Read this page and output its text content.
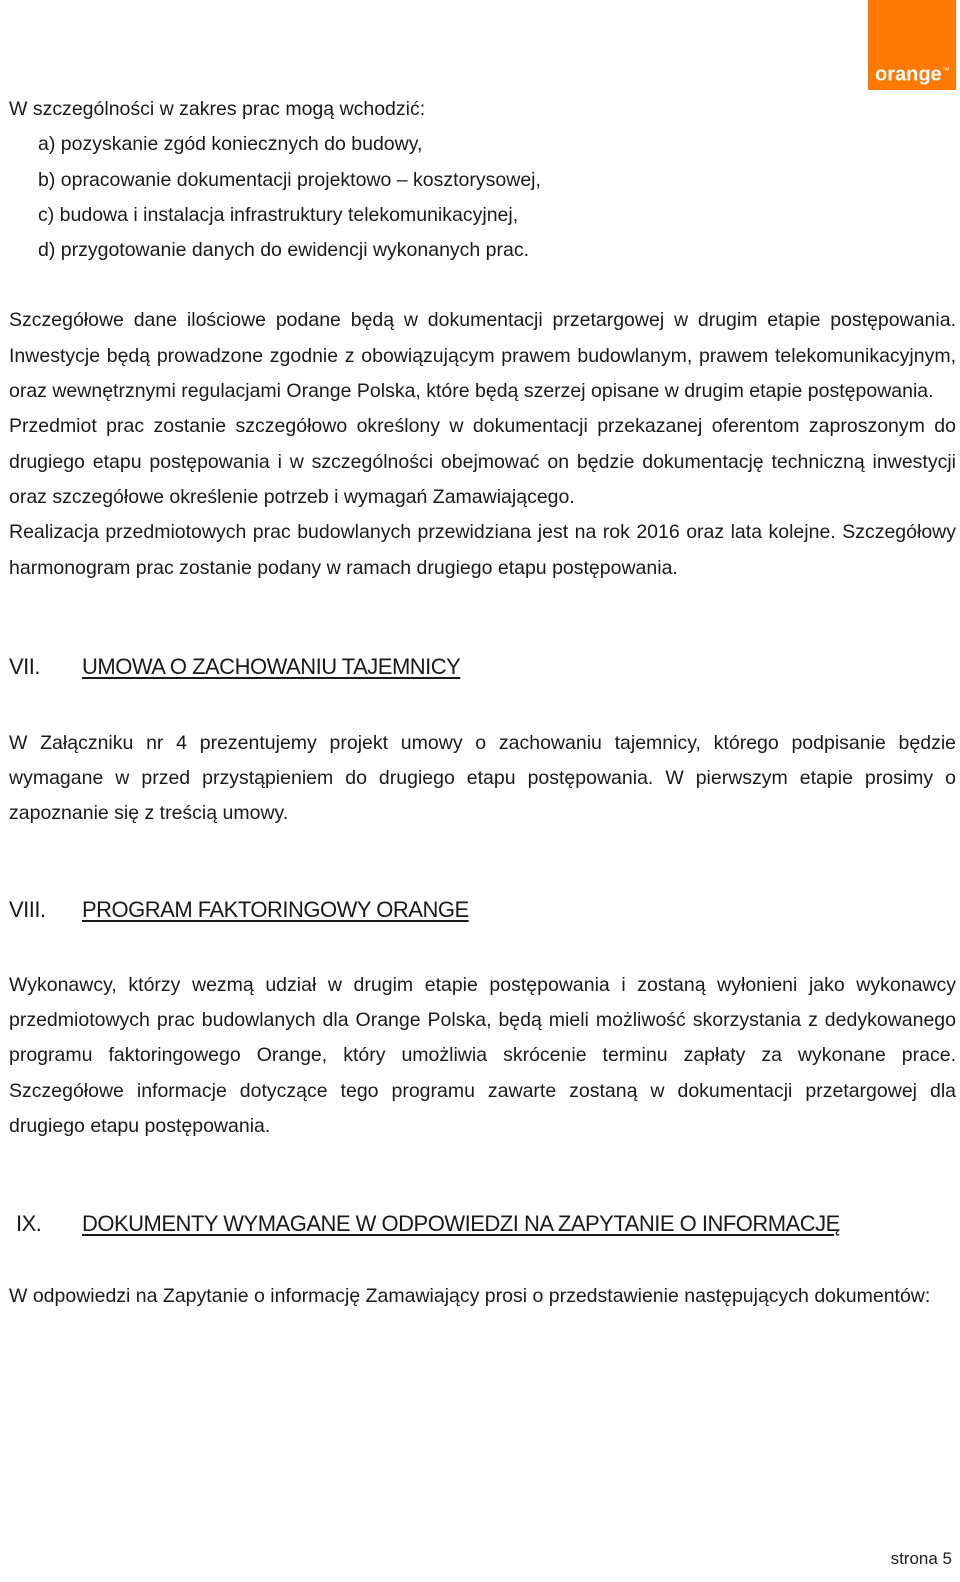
orange™

W szczególności w zakres prac mogą wchodzić:

a) pozyskanie zgód koniecznych do budowy,
b) opracowanie dokumentacji projektowo – kosztorysowej,
c) budowa i instalacja infrastruktury telekomunikacyjnej,
d) przygotowanie danych do ewidencji wykonanych prac.

Szczegółowe dane ilościowe podane będą w dokumentacji przetargowej w drugim etapie postępowania. Inwestycje będą prowadzone zgodnie z obowiązującym prawem budowlanym, prawem telekomunikacyjnym, oraz wewnętrznymi regulacjami Orange Polska, które będą szerzej opisane w drugim etapie postępowania.

Przedmiot prac zostanie szczegółowo określony w dokumentacji przekazanej oferentom zaproszonym do drugiego etapu postępowania i w szczególności obejmować on będzie dokumentację techniczną inwestycji oraz szczegółowe określenie potrzeb i wymagań Zamawiającego.

Realizacja przedmiotowych prac budowlanych przewidziana jest na rok 2016 oraz lata kolejne. Szczegółowy harmonogram prac zostanie podany w ramach drugiego etapu postępowania.

VII.	UMOWA O ZACHOWANIU TAJEMNICY

W Załączniku nr 4 prezentujemy projekt umowy o zachowaniu tajemnicy, którego podpisanie będzie wymagane w przed przystąpieniem do drugiego etapu postępowania. W pierwszym etapie prosimy o zapoznanie się z treścią umowy.

VIII.	PROGRAM FAKTORINGOWY ORANGE

Wykonawcy, którzy wezmą udział w drugim etapie postępowania i zostaną wyłonieni jako wykonawcy przedmiotowych prac budowlanych dla Orange Polska, będą mieli możliwość skorzystania z dedykowanego programu faktoringowego Orange, który umożliwia skrócenie terminu zapłaty za wykonane prace. Szczegółowe informacje dotyczące tego programu zawarte zostaną w dokumentacji przetargowej dla drugiego etapu postępowania.

IX.	DOKUMENTY WYMAGANE W ODPOWIEDZI NA ZAPYTANIE O INFORMACJĘ

W odpowiedzi na Zapytanie o informację Zamawiający prosi o przedstawienie następujących dokumentów:

strona 5
